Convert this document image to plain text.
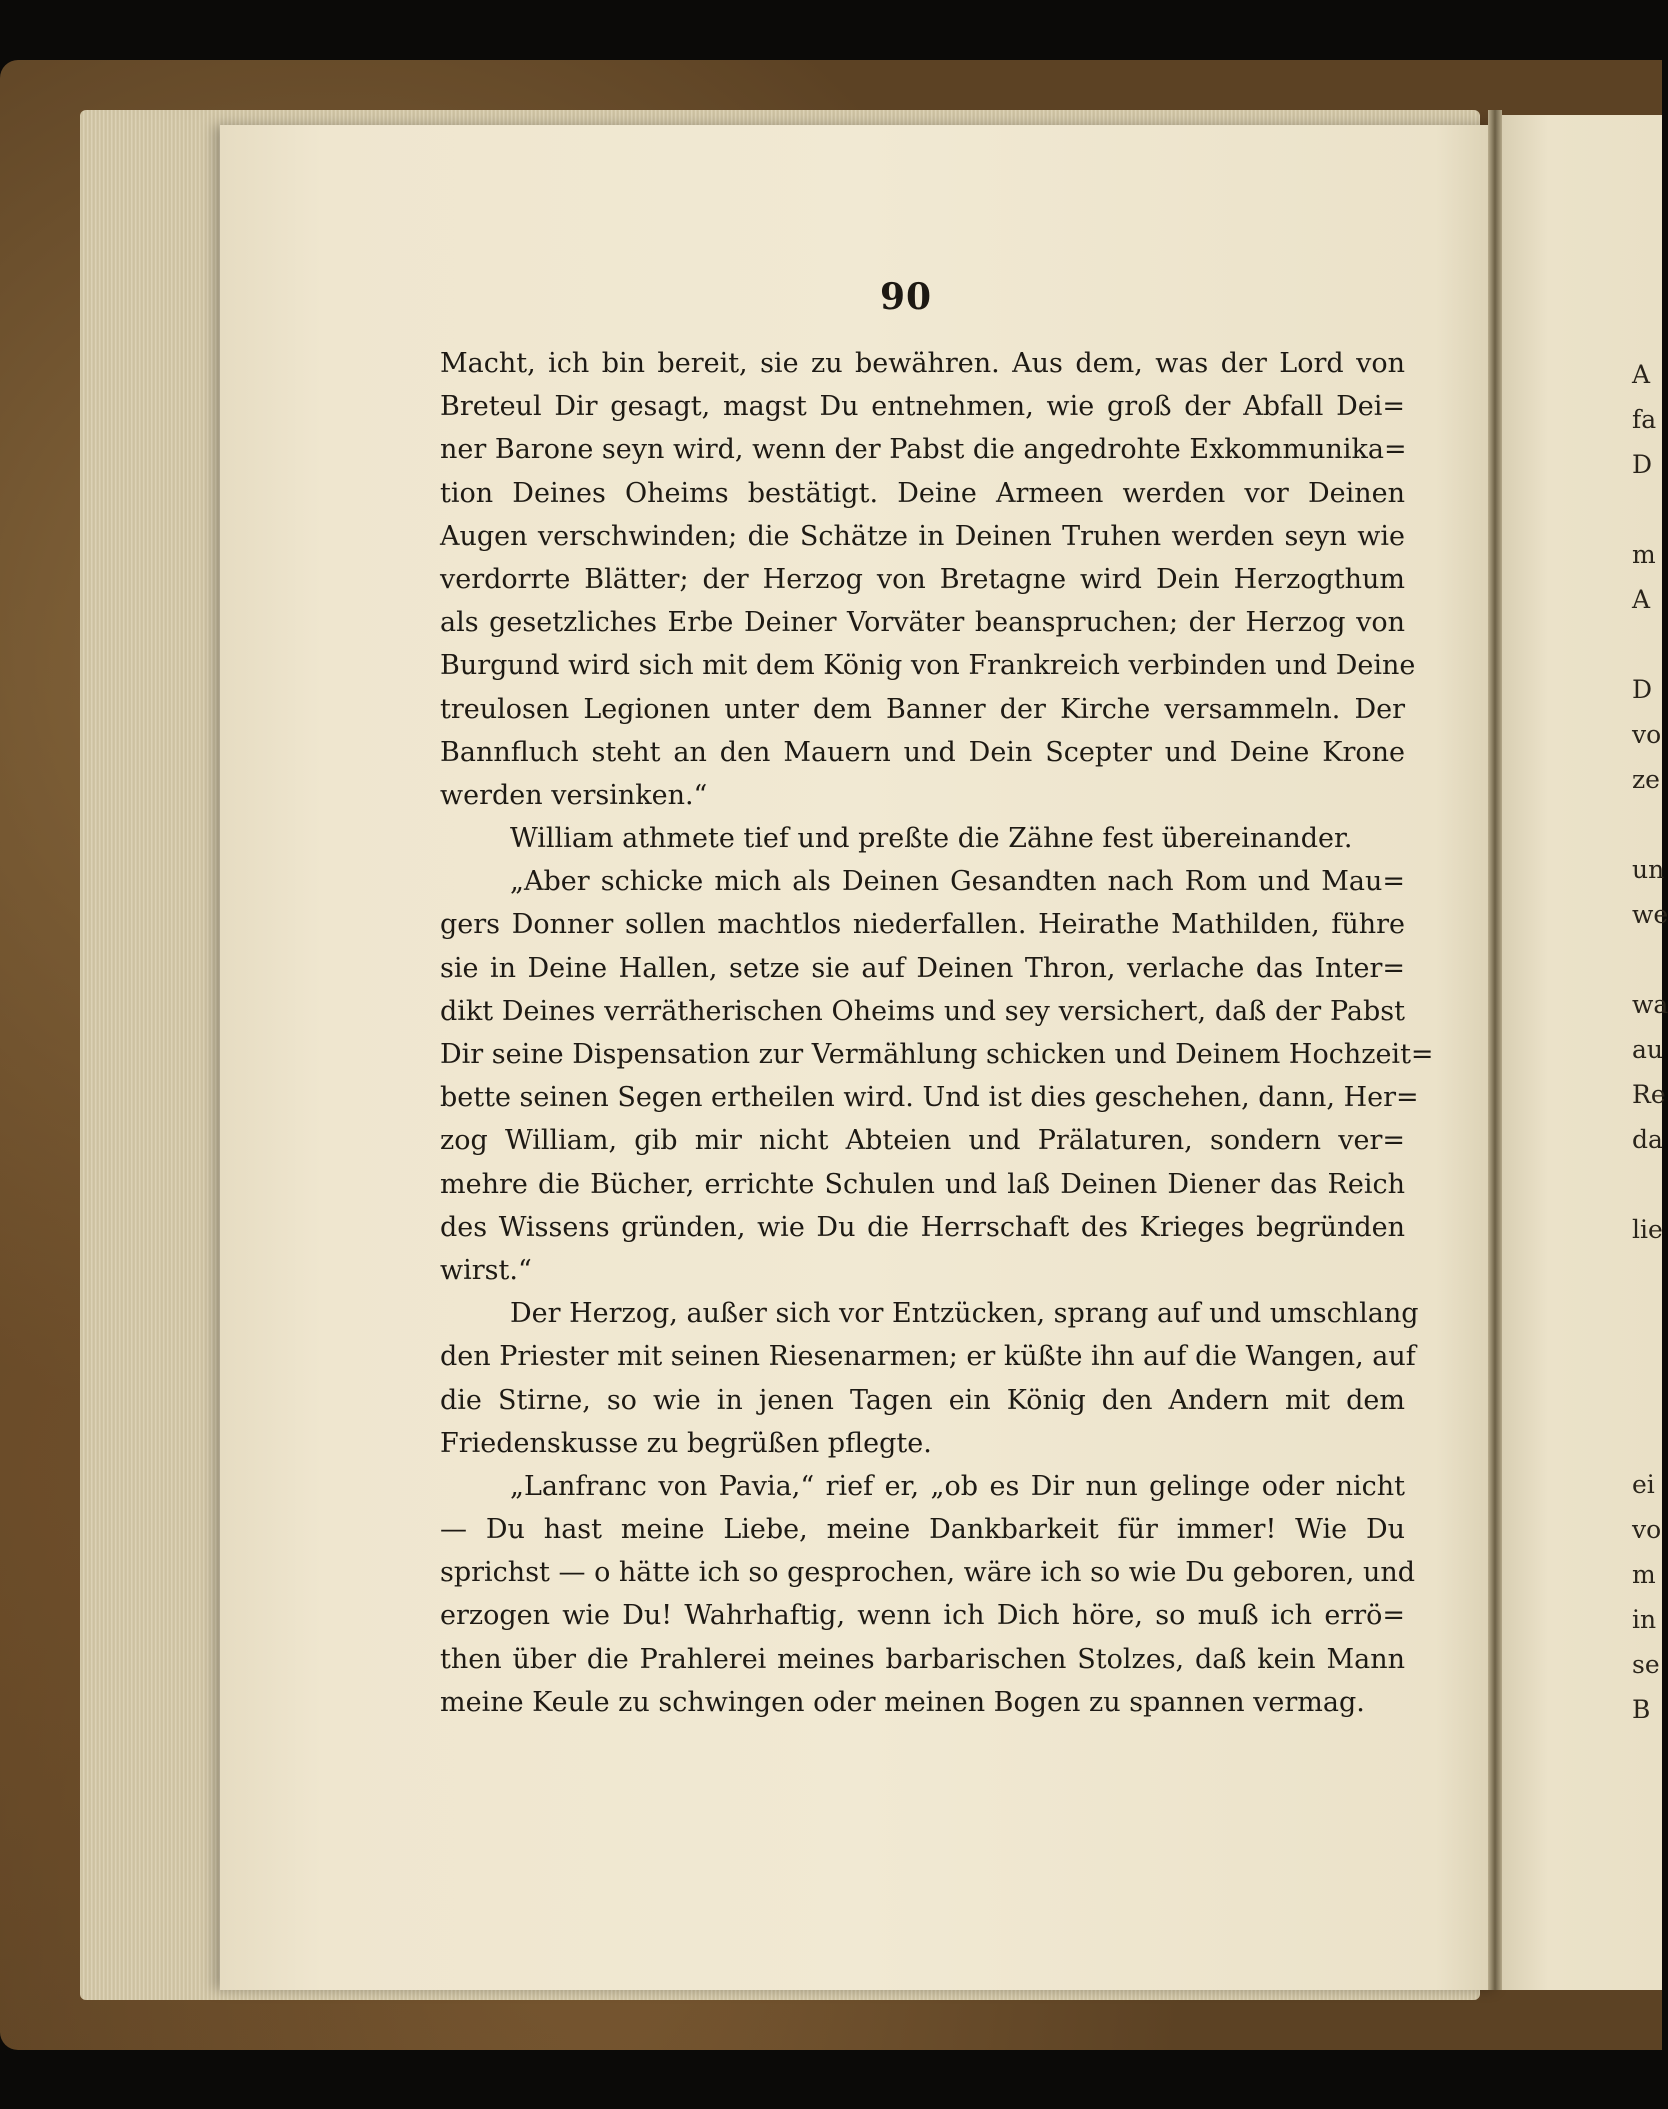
90
Macht, ich bin bereit, sie zu bewähren. Aus dem, was der Lord von
Breteul Dir gesagt, magst Du entnehmen, wie groß der Abfall Dei=
ner Barone seyn wird, wenn der Pabst die angedrohte Exkommunika=
tion Deines Oheims bestätigt. Deine Armeen werden vor Deinen
Augen verschwinden; die Schätze in Deinen Truhen werden seyn wie
verdorrte Blätter; der Herzog von Bretagne wird Dein Herzogthum
als gesetzliches Erbe Deiner Vorväter beanspruchen; der Herzog von
Burgund wird sich mit dem König von Frankreich verbinden und Deine
treulosen Legionen unter dem Banner der Kirche versammeln. Der
Bannfluch steht an den Mauern und Dein Scepter und Deine Krone
werden versinken.“
William athmete tief und preßte die Zähne fest übereinander.
„Aber schicke mich als Deinen Gesandten nach Rom und Mau=
gers Donner sollen machtlos niederfallen. Heirathe Mathilden, führe
sie in Deine Hallen, setze sie auf Deinen Thron, verlache das Inter=
dikt Deines verrätherischen Oheims und sey versichert, daß der Pabst
Dir seine Dispensation zur Vermählung schicken und Deinem Hochzeit=
bette seinen Segen ertheilen wird. Und ist dies geschehen, dann, Her=
zog William, gib mir nicht Abteien und Prälaturen, sondern ver=
mehre die Bücher, errichte Schulen und laß Deinen Diener das Reich
des Wissens gründen, wie Du die Herrschaft des Krieges begründen
wirst.“
Der Herzog, außer sich vor Entzücken, sprang auf und umschlang
den Priester mit seinen Riesenarmen; er küßte ihn auf die Wangen, auf
die Stirne, so wie in jenen Tagen ein König den Andern mit dem
Friedenskusse zu begrüßen pflegte.
„Lanfranc von Pavia,“ rief er, „ob es Dir nun gelinge oder nicht
— Du hast meine Liebe, meine Dankbarkeit für immer! Wie Du
sprichst — o hätte ich so gesprochen, wäre ich so wie Du geboren, und
erzogen wie Du! Wahrhaftig, wenn ich Dich höre, so muß ich errö=
then über die Prahlerei meines barbarischen Stolzes, daß kein Mann
meine Keule zu schwingen oder meinen Bogen zu spannen vermag.
A
fa
D
m
A
D
vo
ze
un
we
wa
au
Re
da
lie
ei
vo
m
in
se
B
